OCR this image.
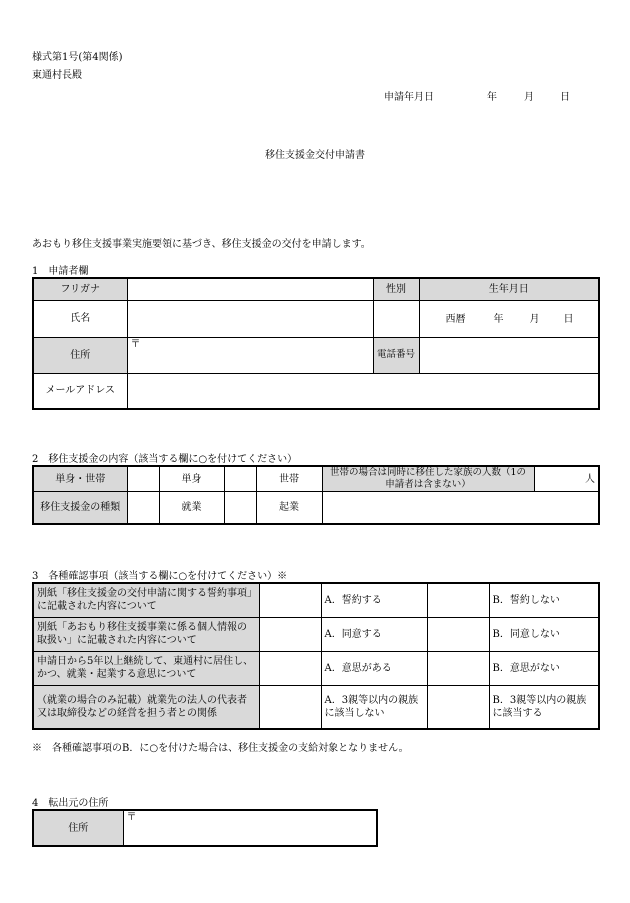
様式第1号(第4関係)
東通村長殿
申請年月日	年	月	日
移住支援金交付申請書
あおもり移住支援事業実施要領に基づき、移住支援金の交付を申請します。
1　申請者欄
フリガナ		性別	生年月日
氏名			西暦 年 月 日

住所	〒	電話番号	
メールアドレス			
2　移住支援金の内容（該当する欄に○を付けてください）
単身・世帯		単身		世帯	世帯の場合は同時に移住した家族の人数（1の申請者は含まない）	人
移住支援金の種類		就業		起業		
3　各種確認事項（該当する欄に○を付けてください）※
別紙「移住支援金の交付申請に関する誓約事項」に記載された内容について		A．誓約する		B．誓約しない
別紙「あおもり移住支援事業に係る個人情報の取扱い」に記載された内容について		A．同意する		B．同意しない
申請日から5年以上継続して、東通村に居住し、かつ、就業・起業する意思について		A．意思がある		B．意思がない
（就業の場合のみ記載）就業先の法人の代表者又は取締役などの経営を担う者との関係		A．3親等以内の親族に該当しない		B．3親等以内の親族に該当する
※　各種確認事項のB．に○を付けた場合は、移住支援金の支給対象となりません。
4　転出元の住所
住所	〒
